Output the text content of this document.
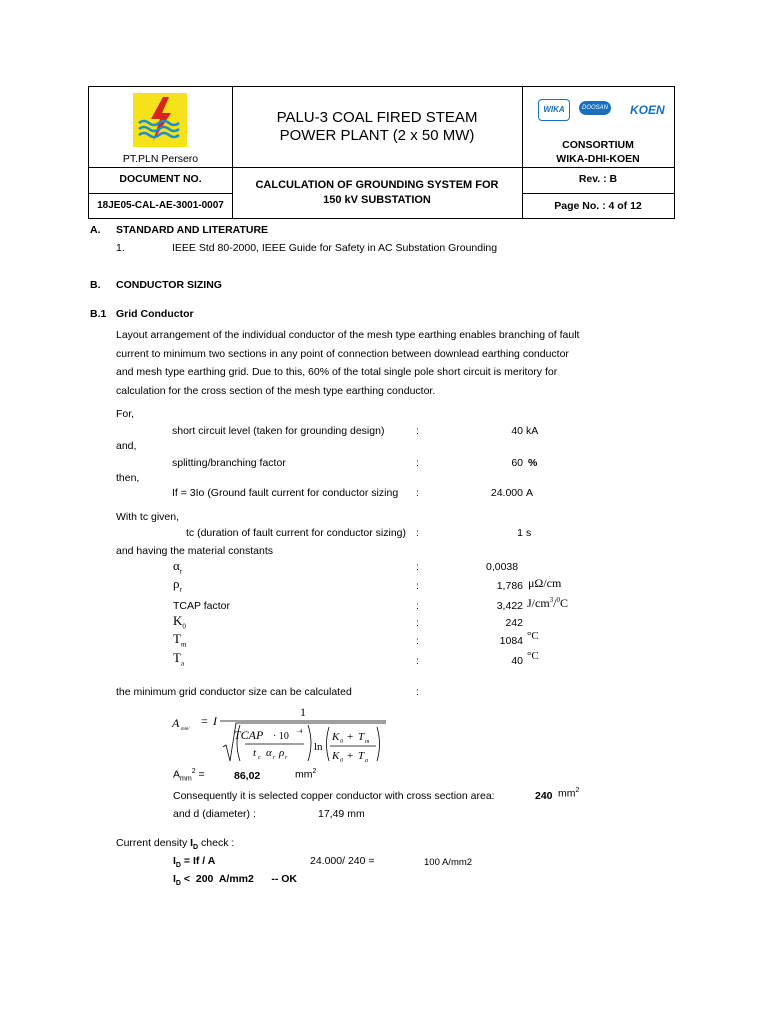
PT.PLN Persero
PALU-3 COAL FIRED STEAM
POWER PLANT (2 x 50 MW)
WIKA	DOOSAN KOEN
CONSORTIUM
WIKA-DHI-KOEN
DOCUMENT NO.
18JE05-CAL-AE-3001-0007
CALCULATION OF GROUNDING SYSTEM FOR
150 kV SUBSTATION
Rev. : B
Page No. : 4 of 12
A. STANDARD AND LITERATURE
1.	IEEE Std 80-2000, IEEE Guide for Safety in AC Substation Grounding
B. CONDUCTOR SIZING
B.1 Grid Conductor
Layout arrangement of the individual conductor of the mesh type earthing enables branching of fault
current to minimum two sections in any point of connection between downlead earthing conductor
and mesh type earthing grid. Due to this, 60% of the total single pole short circuit is meritory for
calculation for the cross section of the mesh type earthing conductor.
For,
short circuit level (taken for grounding design)	:	40 kA
and,
splitting/branching factor	:	60 %
then,
If = 3Io (Ground fault current for conductor sizing	:	24.000 A
With tc given,
tc (duration of fault current for conductor sizing) :	1 s
and having the material constants
$\alpha_r$	:	0,0038
$\rho_r$	:	1,786 μΩ/cm
TCAP factor	:	3,422 $J/cm^3/^0C$
$K_0$	:	242
$T_m$	:	1084 °C
$T_a$	:	40 °C
the minimum grid conductor size can be calculated	:
A mm²
= I
1
TCAP · 10 −4
t c α r ρ r
ln
K 0 + T m
K 0 + T a
$A_{mm}^2$ =	86,02	$mm^2$
Consequently it is selected copper conductor with cross section area:	240 $mm^2$
and d (diameter) :	17,49 mm
Current density $I_D$ check :
$I_D = If / A$	24.000/ 240 =	100 A/mm2
$I_D < 200$  A/mm2      -- OK
